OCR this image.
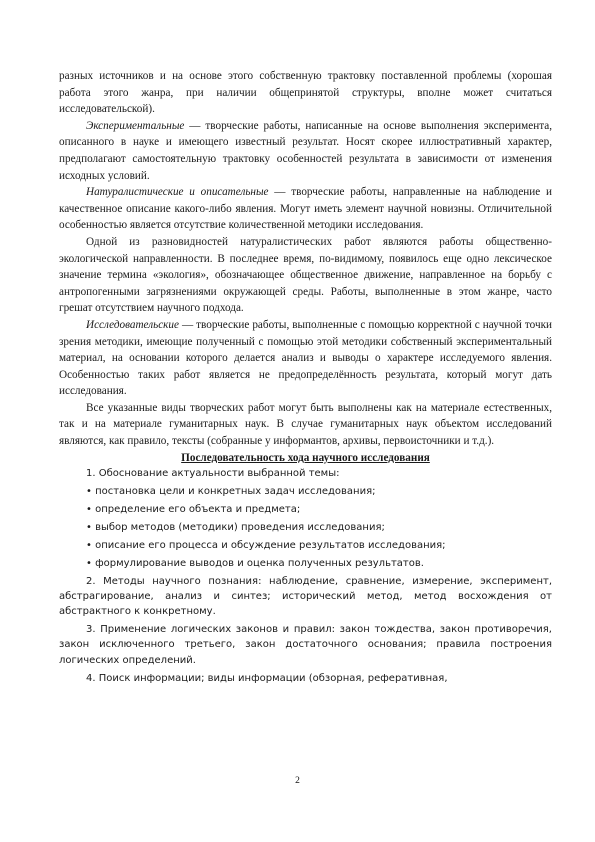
разных источников и на основе этого собственную трактовку поставленной проблемы (хорошая работа этого жанра, при наличии общепринятой структуры, вполне может считаться исследовательской).

Экспериментальные — творческие работы, написанные на основе выполнения эксперимента, описанного в науке и имеющего известный результат. Носят скорее иллюстративный характер, предполагают самостоятельную трактовку особенностей результата в зависимости от изменения исходных условий.

Натуралистические и описательные — творческие работы, направленные на наблюдение и качественное описание какого-либо явления. Могут иметь элемент научной новизны. Отличительной особенностью является отсутствие количественной методики исследования.

Одной из разновидностей натуралистических работ являются работы общественно-экологической направленности. В последнее время, по-видимому, появилось еще одно лексическое значение термина «экология», обозначающее общественное движение, направленное на борьбу с антропогенными загрязнениями окружающей среды. Работы, выполненные в этом жанре, часто грешат отсутствием научного подхода.

Исследовательские — творческие работы, выполненные с помощью корректной с научной точки зрения методики, имеющие полученный с помощью этой методики собственный экспериментальный материал, на основании которого делается анализ и выводы о характере исследуемого явления. Особенностью таких работ является не предопределённость результата, который могут дать исследования.

Все указанные виды творческих работ могут быть выполнены как на материале естественных, так и на материале гуманитарных наук. В случае гуманитарных наук объектом исследований являются, как правило, тексты (собранные у информантов, архивы, первоисточники и т.д.).

Последовательность хода научного исследования

1. Обоснование актуальности выбранной темы:

• постановка цели и конкретных задач исследования;

• определение его объекта и предмета;

• выбор методов (методики) проведения исследования;

• описание его процесса и обсуждение результатов исследования;

• формулирование выводов и оценка полученных результатов.

2. Методы научного познания: наблюдение, сравнение, измерение, эксперимент, абстрагирование, анализ и синтез; исторический метод, метод восхождения от абстрактного к конкретному.

3. Применение логических законов и правил: закон тождества, закон противоречия, закон исключенного третьего, закон достаточного основания; правила построения логических определений.

4. Поиск информации; виды информации (обзорная, реферативная,

2
